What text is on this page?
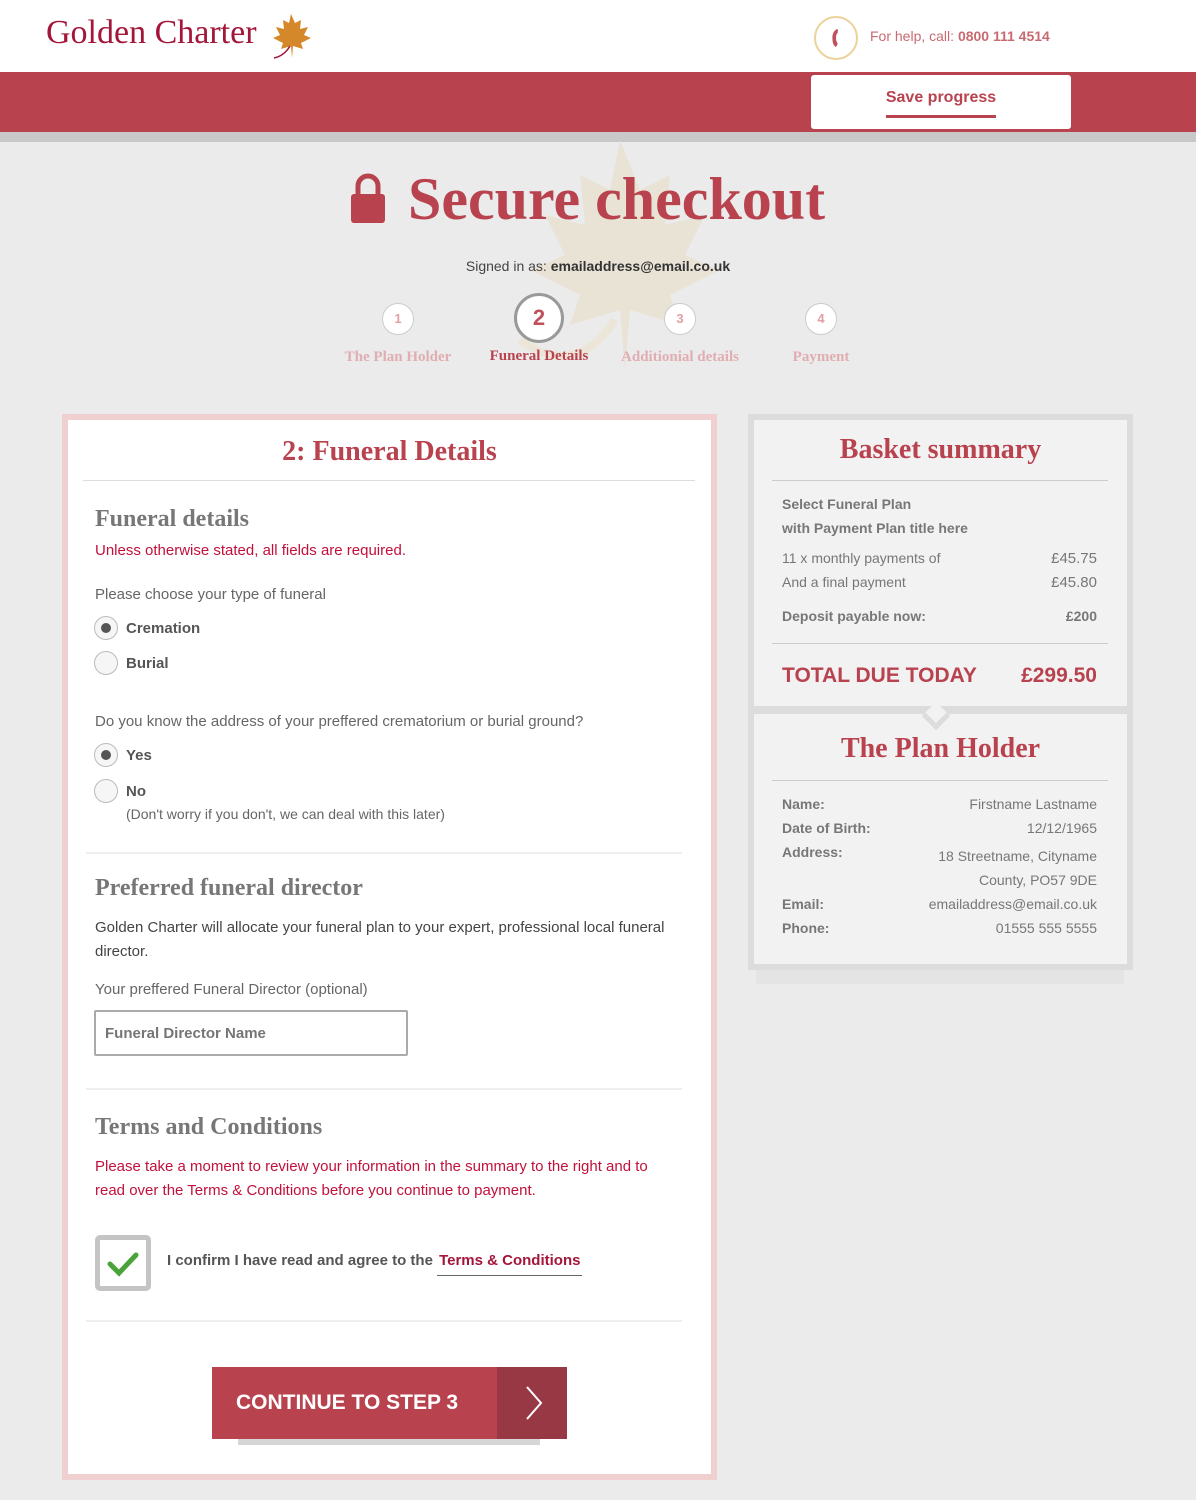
Golden Charter	For help, call: 0800 111 4514
Save progress
Secure checkout
Signed in as: emailaddress@email.co.uk
1
The Plan Holder
2
Funeral Details
3
Additionial details
4
Payment
2: Funeral Details
Funeral details
Unless otherwise stated, all fields are required.
Please choose your type of funeral
Cremation
Burial
Do you know the address of your preffered crematorium or burial ground?
Yes
No
(Don't worry if you don't, we can deal with this later)
Preferred funeral director
Golden Charter will allocate your funeral plan to your expert, professional local funeral director.
Your preffered Funeral Director (optional)
Funeral Director Name
Terms and Conditions
Please take a moment to review your information in the summary to the right and to read over the Terms & Conditions before you continue to payment.
I confirm I have read and agree to the Terms & Conditions
CONTINUE TO STEP 3
Basket summary
Select Funeral Plan
with Payment Plan title here
11 x monthly payments of	£45.75
And a final payment	£45.80
Deposit payable now:	£200
TOTAL DUE TODAY £299.50
The Plan Holder
Name:	Firstname Lastname
Date of Birth:	12/12/1965
Address:	18 Streetname, Cityname
County, PO57 9DE
Email:	emailaddress@email.co.uk
Phone:	01555 555 5555
